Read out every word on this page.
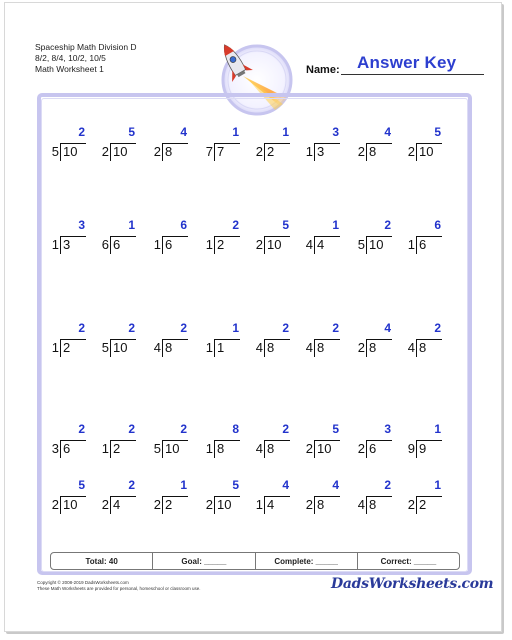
Spaceship Math Division D
8/2, 8/4, 10/2, 10/5
Math Worksheet 1	Answer Key
Name:
2
5 10
5
2 10
4
2 8
1
7 7
1
2 2
3
1 3
4
2 8
5
2 10
3
1 3
1
6 6
6
1 6
2
1 2
5
2 10
1
4 4
2
5 10
6
1 6
2
1 2
2
5 10
2
4 8
1
1 1
2
4 8
2
4 8
4
2 8
2
4 8
2
3 6
2
1 2
2
5 10
8
1 8
2
4 8
5
2 10
3
2 6
1
9 9
5
2 10
2
2 4
1
2 2
5
2 10
4
1 4
4
2 8
2
4 8
1
2 2
Total: 40	Goal: _____	Complete: _____	Correct: _____
Copyright © 2008-2019 DadsWorksheets.com
These Math Worksheets are provided for personal, homeschool or classroom use.	DadsWorksheets.com
